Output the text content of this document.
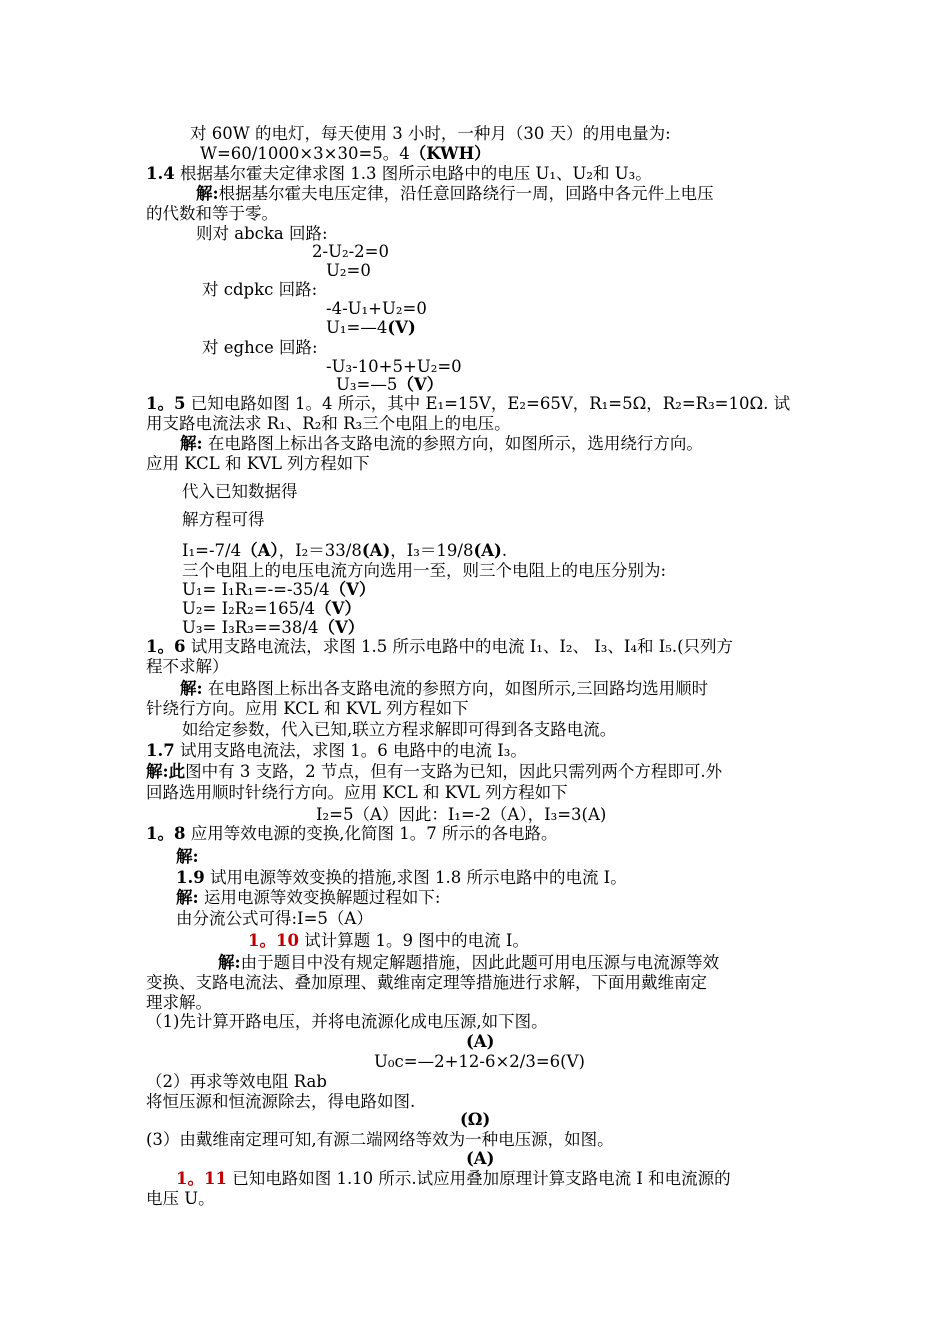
对 60W 的电灯，每天使用 3 小时，一种月（30 天）的用电量为:
W=60/1000×3×30=5。4（KWH）
1.4 根据基尔霍夫定律求图 1.3 图所示电路中的电压 U₁、U₂和 U₃。
解:根据基尔霍夫电压定律，沿任意回路绕行一周，回路中各元件上电压
的代数和等于零。
则对 abcka 回路:
2-U₂-2=0
U₂=0
对 cdpkc 回路:
-4-U₁+U₂=0
U₁=—4(V)
对 eghce 回路:
-U₃-10+5+U₂=0
U₃=—5（V）
1。5 已知电路如图 1。4 所示，其中 E₁=15V，E₂=65V，R₁=5Ω，R₂=R₃=10Ω. 试
用支路电流法求 R₁、R₂和 R₃三个电阻上的电压。
解: 在电路图上标出各支路电流的参照方向，如图所示，选用绕行方向。
应用 KCL 和 KVL 列方程如下
代入已知数据得
解方程可得
I₁=-7/4（A），I₂＝33/8(A)，I₃＝19/8(A).
三个电阻上的电压电流方向选用一至，则三个电阻上的电压分别为:
U₁= I₁R₁=-=-35/4（V）
U₂= I₂R₂=165/4（V）
U₃= I₃R₃==38/4（V）
1。6 试用支路电流法，求图 1.5 所示电路中的电流 I₁、I₂、 I₃、I₄和 I₅.(只列方
程不求解）
解: 在电路图上标出各支路电流的参照方向，如图所示,三回路均选用顺时
针绕行方向。应用 KCL 和 KVL 列方程如下
如给定参数，代入已知,联立方程求解即可得到各支路电流。
1.7 试用支路电流法，求图 1。6 电路中的电流 I₃。
解:此图中有 3 支路，2 节点，但有一支路为已知，因此只需列两个方程即可.外
回路选用顺时针绕行方向。应用 KCL 和 KVL 列方程如下
I₂=5（A）因此：I₁=-2（A），I₃=3(A)
1。8 应用等效电源的变换,化简图 1。7 所示的各电路。
解:
1.9 试用电源等效变换的措施,求图 1.8 所示电路中的电流 I。
解: 运用电源等效变换解题过程如下:
由分流公式可得:I=5（A）
1。10 试计算题 1。9 图中的电流 I。
解:由于题目中没有规定解题措施，因此此题可用电压源与电流源等效
变换、支路电流法、叠加原理、戴维南定理等措施进行求解，下面用戴维南定
理求解。
（1)先计算开路电压，并将电流源化成电压源,如下图。
(A)
U₀c=—2+12-6×2/3=6(V)
（2）再求等效电阻 Rab
将恒压源和恒流源除去，得电路如图.
(Ω)
(3）由戴维南定理可知,有源二端网络等效为一种电压源，如图。
(A)
1。11 已知电路如图 1.10 所示.试应用叠加原理计算支路电流 I 和电流源的
电压 U。
